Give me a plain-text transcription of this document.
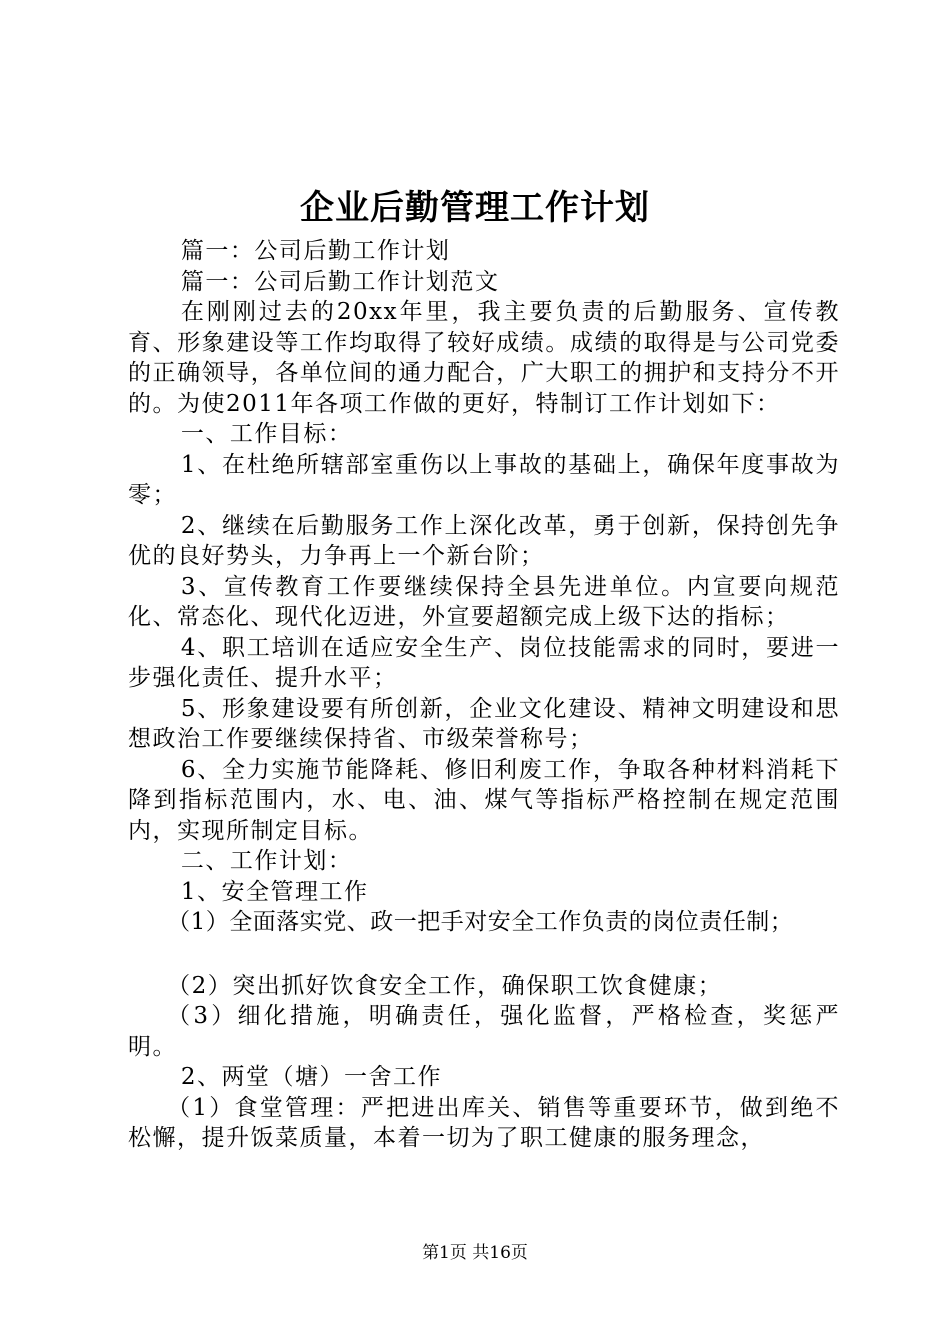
企业后勤管理工作计划

篇一：公司后勤工作计划

篇一：公司后勤工作计划范文

在刚刚过去的20xx年里，我主要负责的后勤服务、宣传教育、形象建设等工作均取得了较好成绩。成绩的取得是与公司党委的正确领导，各单位间的通力配合，广大职工的拥护和支持分不开的。为使2011年各项工作做的更好，特制订工作计划如下：

一、工作目标：

1、在杜绝所辖部室重伤以上事故的基础上，确保年度事故为零；

2、继续在后勤服务工作上深化改革，勇于创新，保持创先争优的良好势头，力争再上一个新台阶；

3、宣传教育工作要继续保持全县先进单位。内宣要向规范化、常态化、现代化迈进，外宣要超额完成上级下达的指标；

4、职工培训在适应安全生产、岗位技能需求的同时，要进一步强化责任、提升水平；

5、形象建设要有所创新，企业文化建设、精神文明建设和思想政治工作要继续保持省、市级荣誉称号；

6、全力实施节能降耗、修旧利废工作，争取各种材料消耗下降到指标范围内，水、电、油、煤气等指标严格控制在规定范围内，实现所制定目标。

二、工作计划：

1、安全管理工作

（1）全面落实党、政一把手对安全工作负责的岗位责任制；

（2）突出抓好饮食安全工作，确保职工饮食健康；

（3）细化措施，明确责任，强化监督，严格检查，奖惩严明。

2、两堂（塘）一舍工作

（1）食堂管理：严把进出库关、销售等重要环节，做到绝不松懈，提升饭菜质量，本着一切为了职工健康的服务理念，

第1页 共16页
